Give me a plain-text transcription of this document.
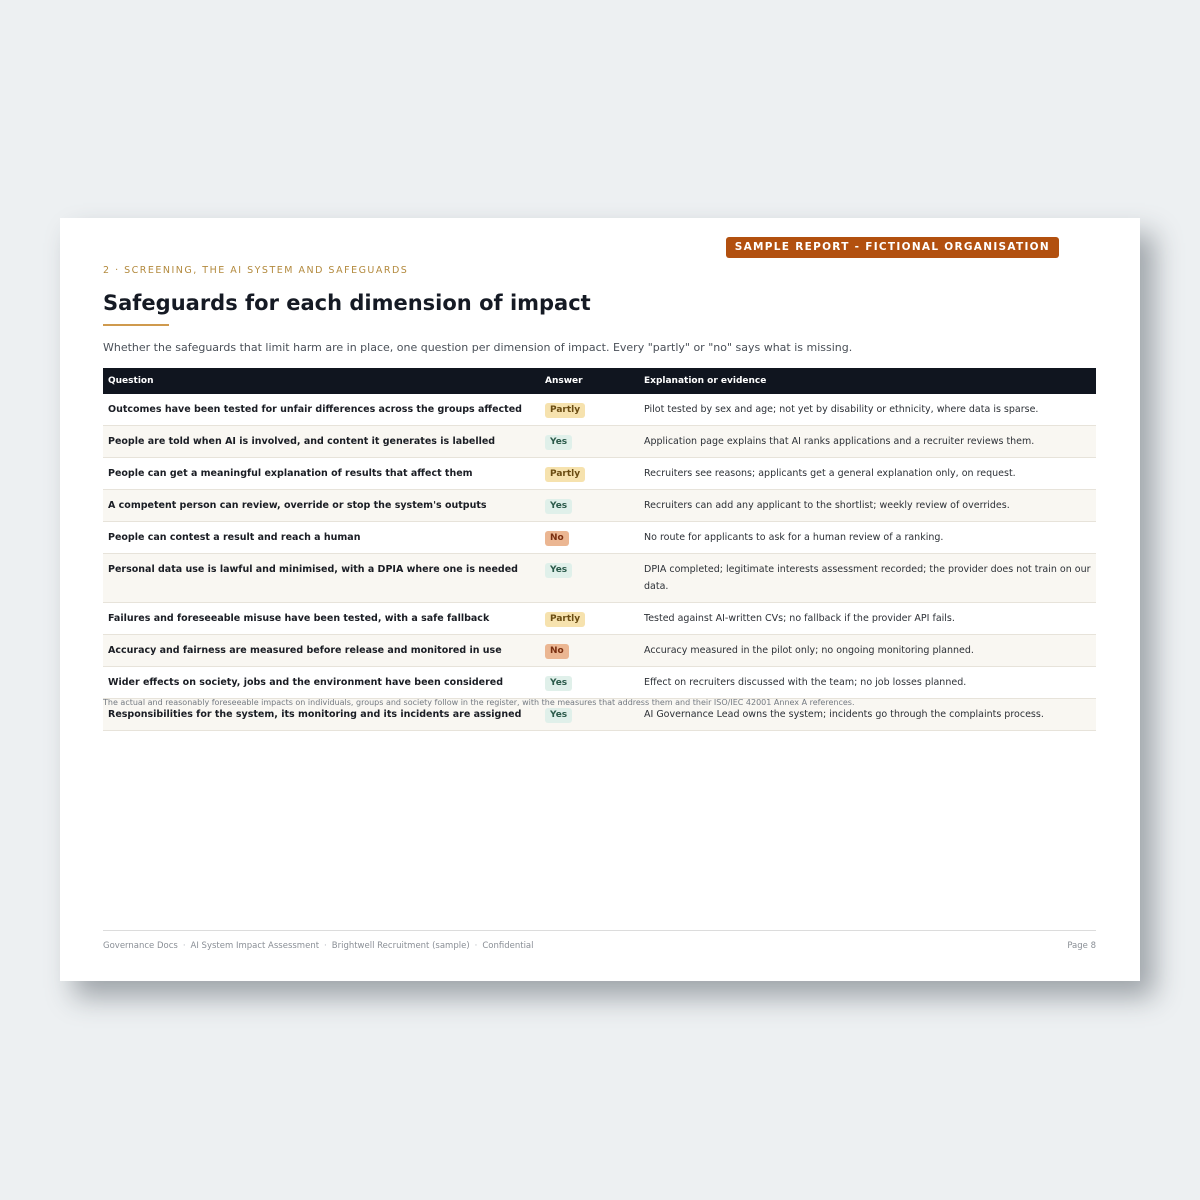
SAMPLE REPORT - FICTIONAL ORGANISATION
2 · SCREENING, THE AI SYSTEM AND SAFEGUARDS
Safeguards for each dimension of impact
Whether the safeguards that limit harm are in place, one question per dimension of impact. Every "partly" or "no" says what is missing.
Question	Answer	Explanation or evidence
Outcomes have been tested for unfair differences across the groups affected	Partly	Pilot tested by sex and age; not yet by disability or ethnicity, where data is sparse.
People are told when AI is involved, and content it generates is labelled	Yes	Application page explains that AI ranks applications and a recruiter reviews them.
People can get a meaningful explanation of results that affect them	Partly	Recruiters see reasons; applicants get a general explanation only, on request.
A competent person can review, override or stop the system's outputs	Yes	Recruiters can add any applicant to the shortlist; weekly review of overrides.
People can contest a result and reach a human	No	No route for applicants to ask for a human review of a ranking.
Personal data use is lawful and minimised, with a DPIA where one is needed	Yes	DPIA completed; legitimate interests assessment recorded; the provider does not train on our data.
Failures and foreseeable misuse have been tested, with a safe fallback	Partly	Tested against AI-written CVs; no fallback if the provider API fails.
Accuracy and fairness are measured before release and monitored in use	No	Accuracy measured in the pilot only; no ongoing monitoring planned.
Wider effects on society, jobs and the environment have been considered	Yes	Effect on recruiters discussed with the team; no job losses planned.
Responsibilities for the system, its monitoring and its incidents are assigned	Yes	AI Governance Lead owns the system; incidents go through the complaints process.
The actual and reasonably foreseeable impacts on individuals, groups and society follow in the register, with the measures that address them and their ISO/IEC 42001 Annex A references.
Governance Docs · AI System Impact Assessment · Brightwell Recruitment (sample) · Confidential	Page 8
